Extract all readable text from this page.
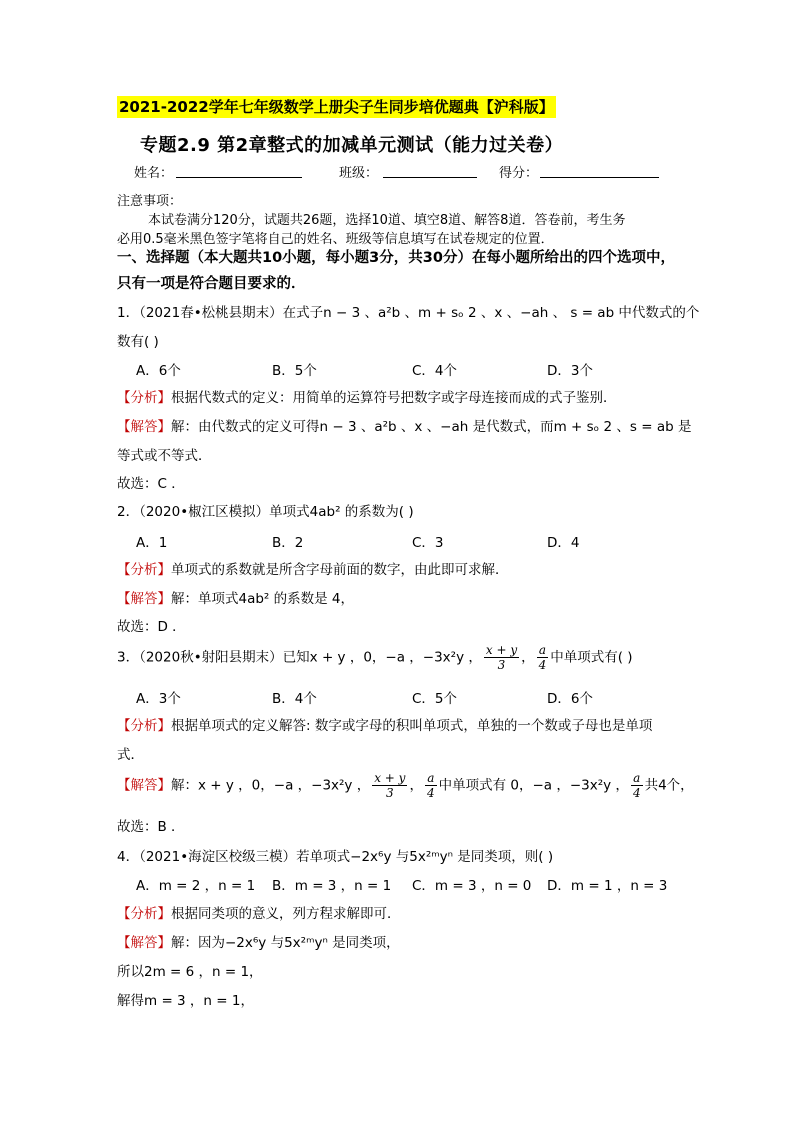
2021-2022学年七年级数学上册尖子生同步培优题典【沪科版】
专题2.9 第2章整式的加减单元测试（能力过关卷）
姓名：	班级：	得分：
注意事项：
本试卷满分120分，试题共26题，选择10道、填空8道、解答8道．答卷前，考生务
必用0.5毫米黑色签字笔将自己的姓名、班级等信息填写在试卷规定的位置．
一、选择题（本大题共10小题，每小题3分，共30分）在每小题所给出的四个选项中，
只有一项是符合题目要求的．
1．（2021春•松桃县期末）在式子n − 3 、a²b 、m + sₒ 2 、x 、−ah 、 s = ab 中代数式的个
数有( )
A．6个	B．5个	C．4个	D．3个
【分析】根据代数式的定义：用简单的运算符号把数字或字母连接而成的式子鉴别．
【解答】解：由代数式的定义可得n − 3 、a²b 、x 、−ah 是代数式，而m + sₒ 2 、s = ab 是
等式或不等式．
故选：C ．
2．（2020•椒江区模拟）单项式4ab² 的系数为( )
A．1	B．2	C．3	D．4
【分析】单项式的系数就是所含字母前面的数字，由此即可求解．
【解答】解：单项式4ab² 的系数是 4，
故选：D ．
3．（2020秋•射阳县期末）已知x + y ，0，−a ，−3x²y ， $\frac{x + y}{3}$ ， $\frac{a}{4}$ 中单项式有( )
A．3个	B．4个	C．5个	D．6个
【分析】根据单项式的定义解答: 数字或字母的积叫单项式，单独的一个数或子母也是单项
式．
【解答】解：x + y ，0，−a ，−3x²y ， $\frac{x + y}{3}$ ， $\frac{a}{4}$ 中单项式有 0，−a ，−3x²y ， $\frac{a}{4}$ 共4个，
故选：B ．
4．（2021•海淀区校级三模）若单项式−2x⁶y 与5x²ᵐyⁿ 是同类项，则( )
A．m = 2 ，n = 1 B．m = 3 ，n = 1 C．m = 3 ，n = 0 D．m = 1 ，n = 3
【分析】根据同类项的意义，列方程求解即可．
【解答】解：因为−2x⁶y 与5x²ᵐyⁿ 是同类项，
所以2m = 6 ，n = 1，
解得m = 3 ，n = 1，
